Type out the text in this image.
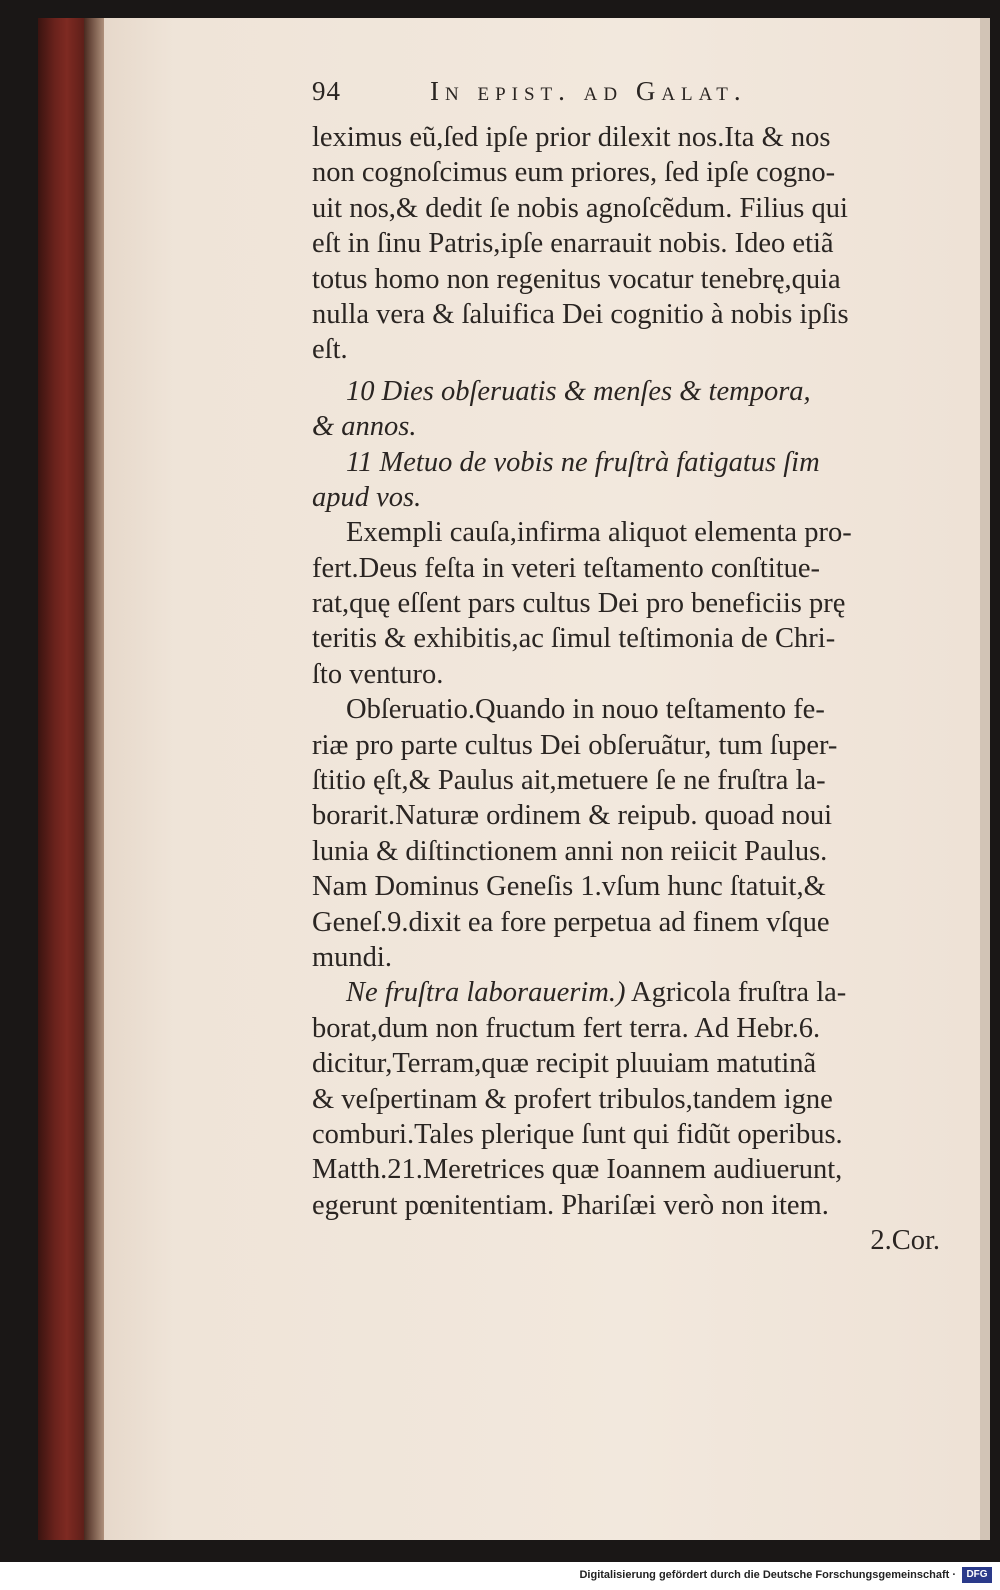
94	In epist. ad Galat.
leximus eũ,ſed ipſe prior dilexit nos.Ita & nos
non cognoſcimus eum priores, ſed ipſe cogno-
uit nos,& dedit ſe nobis agnoſcẽdum. Filius qui
eſt in ſinu Patris,ipſe enarrauit nobis. Ideo etiã
totus homo non regenitus vocatur tenebrę,quia
nulla vera & ſaluifica Dei cognitio à nobis ipſis
eſt.
10 Dies obſeruatis & menſes & tempora,
& annos.
11 Metuo de vobis ne fruſtrà fatigatus ſim
apud vos.
Exempli cauſa,infirma aliquot elementa pro-
fert.Deus feſta in veteri teſtamento conſtitue-
rat,quę eſſent pars cultus Dei pro beneficiis prę
teritis & exhibitis,ac ſimul teſtimonia de Chri-
ſto venturo.
Obſeruatio.Quando in nouo teſtamento fe-
riæ pro parte cultus Dei obſeruãtur, tum ſuper-
ſtitio ęſt,& Paulus ait,metuere ſe ne fruſtra la-
borarit.Naturæ ordinem & reipub. quoad noui
lunia & diſtinctionem anni non reiicit Paulus.
Nam Dominus Geneſis 1.vſum hunc ſtatuit,&
Geneſ.9.dixit ea fore perpetua ad finem vſque
mundi.
Ne fruſtra laborauerim.) Agricola fruſtra la-
borat,dum non fructum fert terra. Ad Hebr.6.
dicitur,Terram,quæ recipit pluuiam matutinã
& veſpertinam & profert tribulos,tandem igne
comburi.Tales plerique ſunt qui fidũt operibus.
Matth.21.Meretrices quæ Ioannem audiuerunt,
egerunt pœnitentiam. Phariſæi verò non item.
2.Cor.
Digitalisierung gefördert durch die Deutsche Forschungsgemeinschaft ·	DFG
